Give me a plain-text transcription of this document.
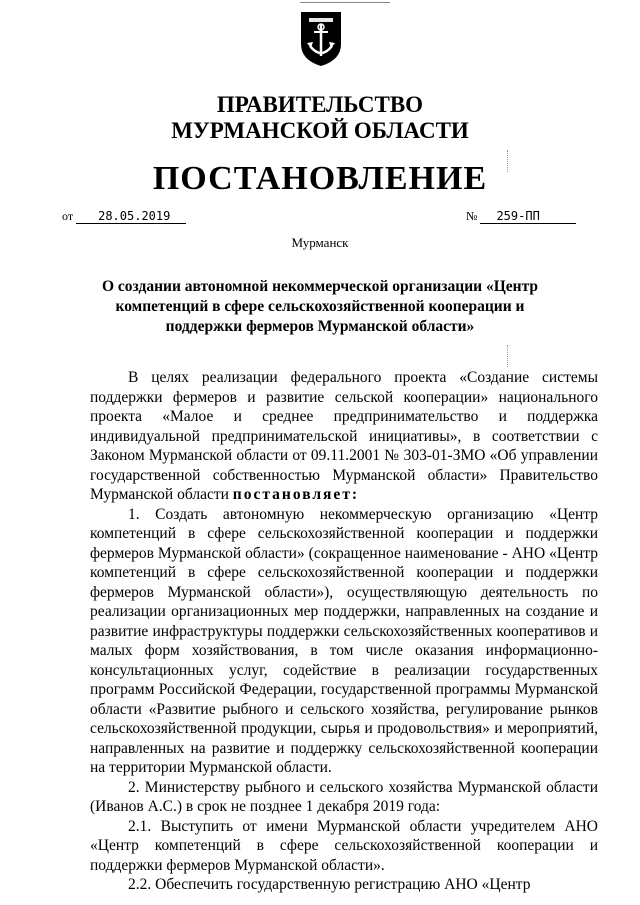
ПРАВИТЕЛЬСТВО
МУРМАНСКОЙ ОБЛАСТИ
ПОСТАНОВЛЕНИЕ
от 28.05.2019	№ 259-ПП
Мурманск
О создании автономной некоммерческой организации «Центр компетенций в сфере сельскохозяйственной кооперации и поддержки фермеров Мурманской области»

В целях реализации федерального проекта «Создание системы поддержки фермеров и развитие сельской кооперации» национального проекта «Малое и среднее предпринимательство и поддержка индивидуальной предпринимательской инициативы», в соответствии с Законом Мурманской области от 09.11.2001 № 303-01-ЗМО «Об управлении государственной собственностью Мурманской области» Правительство Мурманской области постановляет:

1. Создать автономную некоммерческую организацию «Центр компетенций в сфере сельскохозяйственной кооперации и поддержки фермеров Мурманской области» (сокращенное наименование - АНО «Центр компетенций в сфере сельскохозяйственной кооперации и поддержки фермеров Мурманской области»), осуществляющую деятельность по реализации организационных мер поддержки, направленных на создание и развитие инфраструктуры поддержки сельскохозяйственных кооперативов и малых форм хозяйствования, в том числе оказания информационно-консультационных услуг, содействие в реализации государственных программ Российской Федерации, государственной программы Мурманской области «Развитие рыбного и сельского хозяйства, регулирование рынков сельскохозяйственной продукции, сырья и продовольствия» и мероприятий, направленных на развитие и поддержку сельскохозяйственной кооперации на территории Мурманской области.

2. Министерству рыбного и сельского хозяйства Мурманской области (Иванов А.С.) в срок не позднее 1 декабря 2019 года:

2.1. Выступить от имени Мурманской области учредителем АНО «Центр компетенций в сфере сельскохозяйственной кооперации и поддержки фермеров Мурманской области».

2.2. Обеспечить государственную регистрацию АНО «Центр
